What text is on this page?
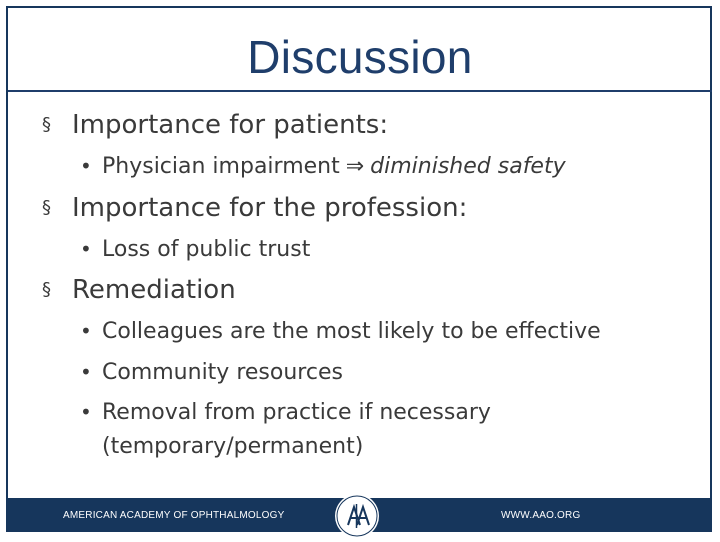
Discussion
§ Importance for patients:
• Physician impairment ⇒ diminished safety
§ Importance for the profession:
• Loss of public trust
§ Remediation
• Colleagues are the most likely to be effective
• Community resources
• Removal from practice if necessary
(temporary/permanent)
AMERICAN ACADEMY OF OPHTHALMOLOGY	WWW.AAO.ORG
